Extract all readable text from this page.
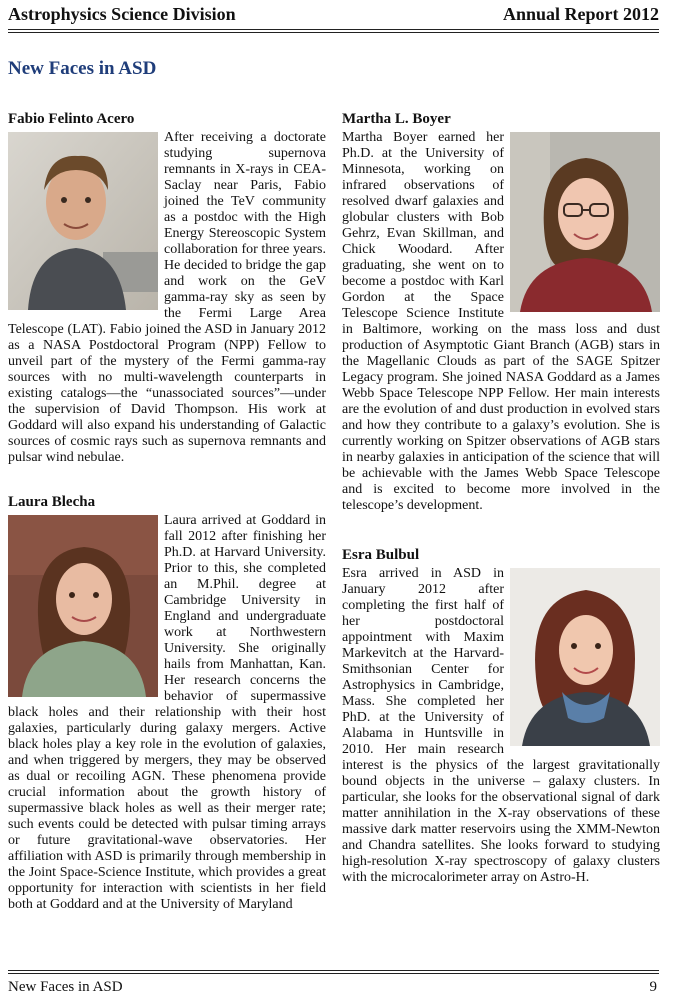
Astrophysics Science Division	Annual Report 2012
New Faces in ASD
Fabio Felinto Acero

After receiving a doctorate studying supernova remnants in X-rays in CEA-Saclay near Paris, Fabio joined the TeV community as a postdoc with the High Energy Stereoscopic System collaboration for three years. He decided to bridge the gap and work on the GeV gamma-ray sky as seen by the Fermi Large Area Telescope (LAT). Fabio joined the ASD in January 2012 as a NASA Postdoctoral Program (NPP) Fellow to unveil part of the mystery of the Fermi gamma-ray sources with no multi-wavelength counterparts in existing catalogs—the “unassociated sources”—under the supervision of David Thompson. His work at Goddard will also expand his understanding of Galactic sources of cosmic rays such as supernova remnants and pulsar wind nebulae.

Laura Blecha

Laura arrived at Goddard in fall 2012 after finishing her Ph.D. at Harvard University. Prior to this, she completed an M.Phil. degree at Cambridge University in England and undergraduate work at Northwestern University. She originally hails from Manhattan, Kan. Her research concerns the behavior of supermassive black holes and their relationship with their host galaxies, particularly during galaxy mergers. Active black holes play a key role in the evolution of galaxies, and when triggered by mergers, they may be observed as dual or recoiling AGN. These phenomena provide crucial information about the growth history of supermassive black holes as well as their merger rate; such events could be detected with pulsar timing arrays or future gravitational-wave observatories. Her affiliation with ASD is primarily through membership in the Joint Space-Science Institute, which provides a great opportunity for interaction with scientists in her field both at Goddard and at the University of Maryland

Martha L. Boyer

Martha Boyer earned her Ph.D. at the University of Minnesota, working on infrared observations of resolved dwarf galaxies and globular clusters with Bob Gehrz, Evan Skillman, and Chick Woodard. After graduating, she went on to become a postdoc with Karl Gordon at the Space Telescope Science Institute in Baltimore, working on the mass loss and dust production of Asymptotic Giant Branch (AGB) stars in the Magellanic Clouds as part of the SAGE Spitzer Legacy program. She joined NASA Goddard as a James Webb Space Telescope NPP Fellow. Her main interests are the evolution of and dust production in evolved stars and how they contribute to a galaxy’s evolution. She is currently working on Spitzer observations of AGB stars in nearby galaxies in anticipation of the science that will be achievable with the James Webb Space Telescope and is excited to become more involved in the telescope’s development.

Esra Bulbul

Esra arrived in ASD in January 2012 after completing the first half of her postdoctoral appointment with Maxim Markevitch at the Harvard-Smithsonian Center for Astrophysics in Cambridge, Mass. She completed her PhD. at the University of Alabama in Huntsville in 2010. Her main research interest is the physics of the largest gravitationally bound objects in the universe – galaxy clusters. In particular, she looks for the observational signal of dark matter annihilation in the X-ray observations of these massive dark matter reservoirs using the XMM-Newton and Chandra satellites. She looks forward to studying high-resolution X-ray spectroscopy of galaxy clusters with the microcalorimeter array on Astro-H.

New Faces in ASD	9
